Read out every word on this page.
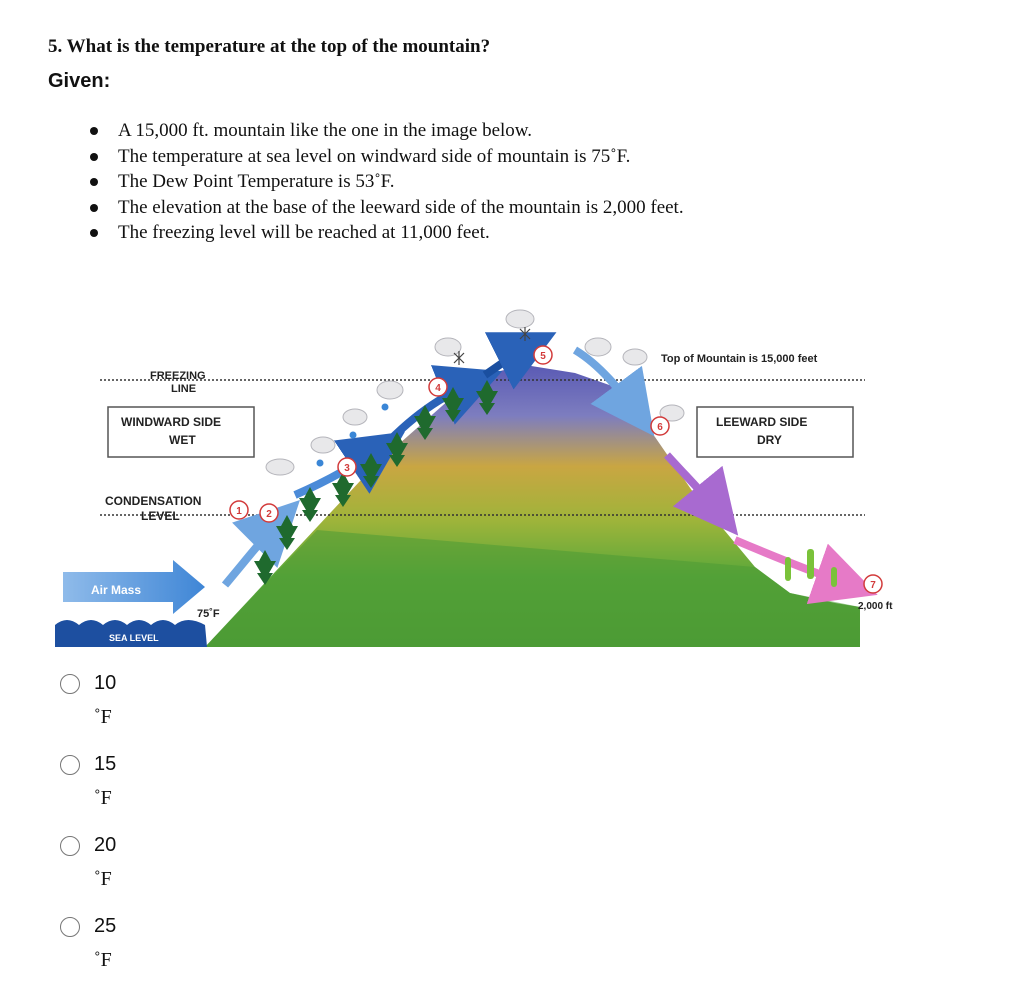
5. What is the temperature at the top of the mountain?
Given:
A 15,000 ft. mountain like the one in the image below.
The temperature at sea level on windward side of mountain is 75˚F.
The Dew Point Temperature is 53˚F.
The elevation at the base of the leeward side of the mountain is 2,000 feet.
The freezing level will be reached at 11,000 feet.
SEA LEVEL
FREEZING
LINE
WINDWARD SIDE
WET
CONDENSATION
LEVEL
LEEWARD SIDE
DRY
Top of Mountain is 15,000 feet
2,000 ft
75˚F
Air Mass
1 2
3
4
5
6
7
10
˚F
15
˚F
20
˚F
25
˚F
